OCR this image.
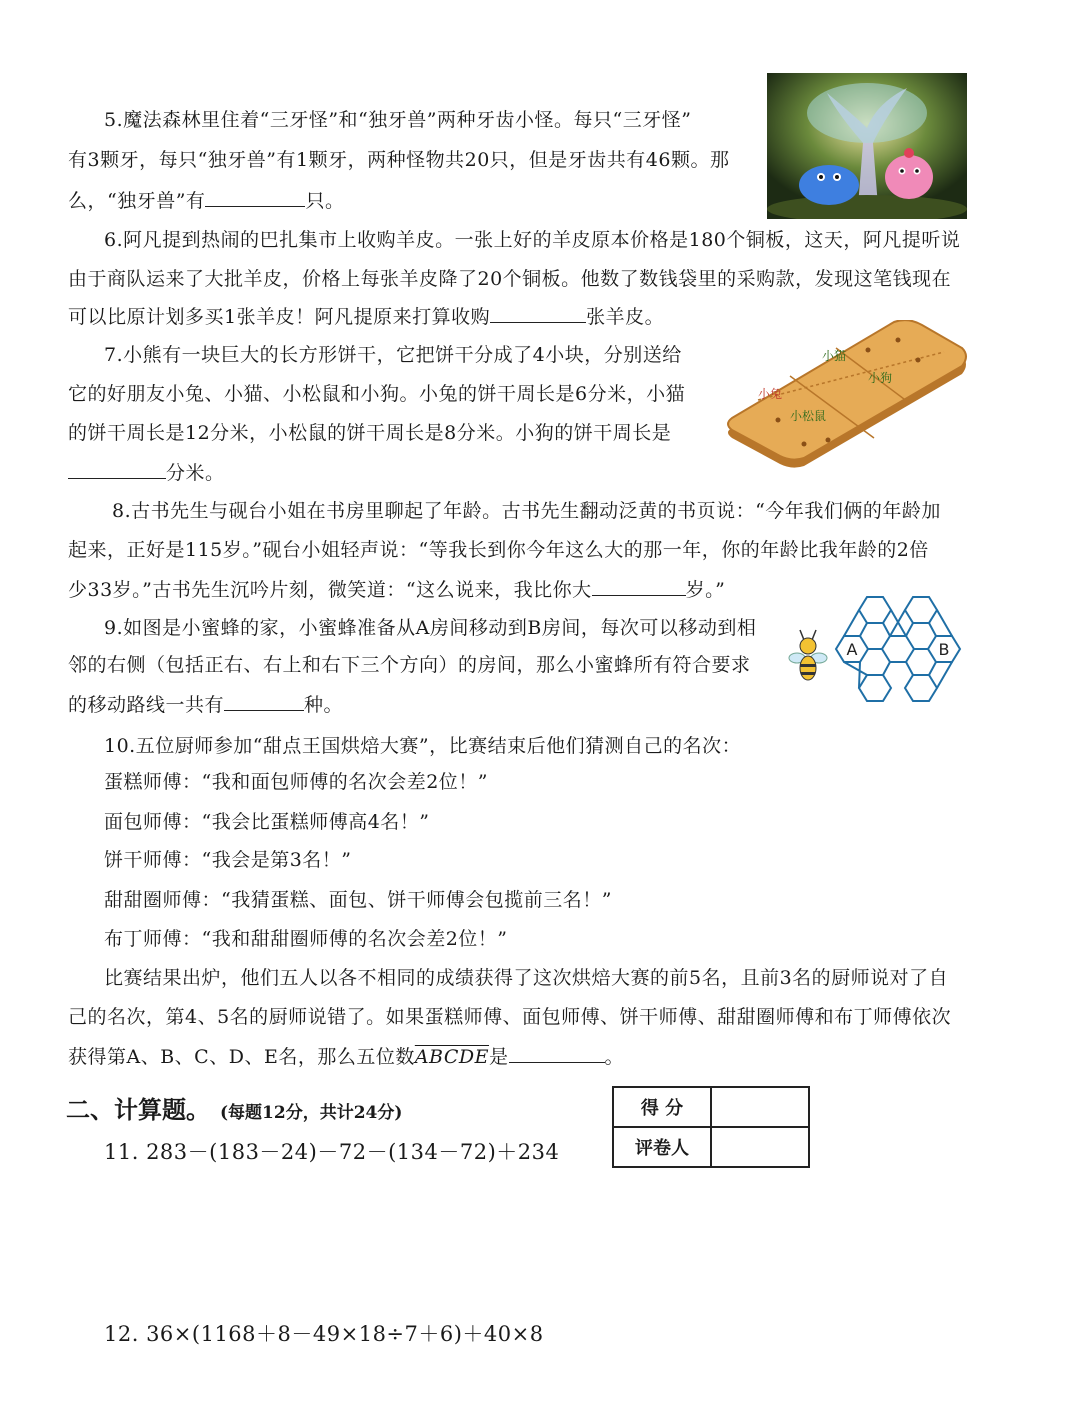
5.魔法森林里住着“三牙怪”和“独牙兽”两种牙齿小怪。每只“三牙怪”
有3颗牙，每只“独牙兽”有1颗牙，两种怪物共20只，但是牙齿共有46颗。那
么，“独牙兽”有	只。
6.阿凡提到热闹的巴扎集市上收购羊皮。一张上好的羊皮原本价格是180个铜板，这天，阿凡提听说
由于商队运来了大批羊皮，价格上每张羊皮降了20个铜板。他数了数钱袋里的采购款，发现这笔钱现在
可以比原计划多买1张羊皮！阿凡提原来打算收购	张羊皮。
7.小熊有一块巨大的长方形饼干，它把饼干分成了4小块，分别送给
它的好朋友小兔、小猫、小松鼠和小狗。小兔的饼干周长是6分米，小猫
的饼干周长是12分米，小松鼠的饼干周长是8分米。小狗的饼干周长是
分米。
小猫
小狗
小兔
小松鼠
8.古书先生与砚台小姐在书房里聊起了年龄。古书先生翻动泛黄的书页说：“今年我们俩的年龄加
起来，正好是115岁。”砚台小姐轻声说：“等我长到你今年这么大的那一年，你的年龄比我年龄的2倍
少33岁。”古书先生沉吟片刻，微笑道：“这么说来，我比你大	岁。”
9.如图是小蜜蜂的家，小蜜蜂准备从A房间移动到B房间，每次可以移动到相
邻的右侧（包括正右、右上和右下三个方向）的房间，那么小蜜蜂所有符合要求
的移动路线一共有	种。
A	B
10.五位厨师参加“甜点王国烘焙大赛”，比赛结束后他们猜测自己的名次：
蛋糕师傅：“我和面包师傅的名次会差2位！”
面包师傅：“我会比蛋糕师傅高4名！”
饼干师傅：“我会是第3名！”
甜甜圈师傅：“我猜蛋糕、面包、饼干师傅会包揽前三名！”
布丁师傅：“我和甜甜圈师傅的名次会差2位！”
比赛结果出炉，他们五人以各不相同的成绩获得了这次烘焙大赛的前5名，且前3名的厨师说对了自
己的名次，第4、5名的厨师说错了。如果蛋糕师傅、面包师傅、饼干师傅、甜甜圈师傅和布丁师傅依次
获得第A、B、C、D、E名，那么五位数ABCDE是	。
二、计算题。 (每题12分，共计24分)	得 分	
评卷人	
11. 283－(183－24)－72－(134－72)＋234
12. 36×(1168＋8－49×18÷7＋6)＋40×8
